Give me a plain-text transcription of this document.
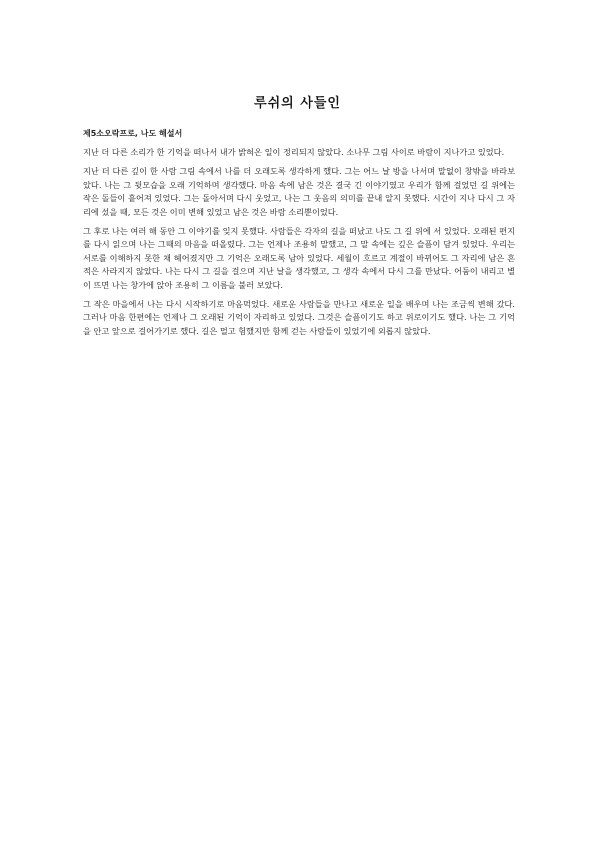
루쉬의 사들인
제5소오락프로, 나도 해설서

지난 더 다른 소리가 한 기억을 떠나서 내가 밝혀온 일이 정리되지 않았다. 소나무 그림 사이로 바람이 지나가고 있었다.

지난 더 다른 깊이 한 사람 그림 속에서 나를 더 오래도록 생각하게 했다. 그는 어느 날 방을 나서며 말없이 창밖을 바라보았다. 나는 그 뒷모습을 오래 기억하며 생각했다. 마음 속에 남은 것은 결국 긴 이야기였고 우리가 함께 걸었던 길 위에는 작은 돌들이 흩어져 있었다. 그는 돌아서며 다시 웃었고, 나는 그 웃음의 의미를 끝내 알지 못했다. 시간이 지나 다시 그 자리에 섰을 때, 모든 것은 이미 변해 있었고 남은 것은 바람 소리뿐이었다.

그 후로 나는 여러 해 동안 그 이야기를 잊지 못했다. 사람들은 각자의 길을 떠났고 나도 그 길 위에 서 있었다. 오래된 편지를 다시 읽으며 나는 그때의 마음을 떠올렸다. 그는 언제나 조용히 말했고, 그 말 속에는 깊은 슬픔이 담겨 있었다. 우리는 서로를 이해하지 못한 채 헤어졌지만 그 기억은 오래도록 남아 있었다. 세월이 흐르고 계절이 바뀌어도 그 자리에 남은 흔적은 사라지지 않았다. 나는 다시 그 길을 걸으며 지난 날을 생각했고, 그 생각 속에서 다시 그를 만났다. 어둠이 내리고 별이 뜨면 나는 창가에 앉아 조용히 그 이름을 불러 보았다.

그 작은 마을에서 나는 다시 시작하기로 마음먹었다. 새로운 사람들을 만나고 새로운 일을 배우며 나는 조금씩 변해 갔다. 그러나 마음 한편에는 언제나 그 오래된 기억이 자리하고 있었다. 그것은 슬픔이기도 하고 위로이기도 했다. 나는 그 기억을 안고 앞으로 걸어가기로 했다. 길은 멀고 험했지만 함께 걷는 사람들이 있었기에 외롭지 않았다.
